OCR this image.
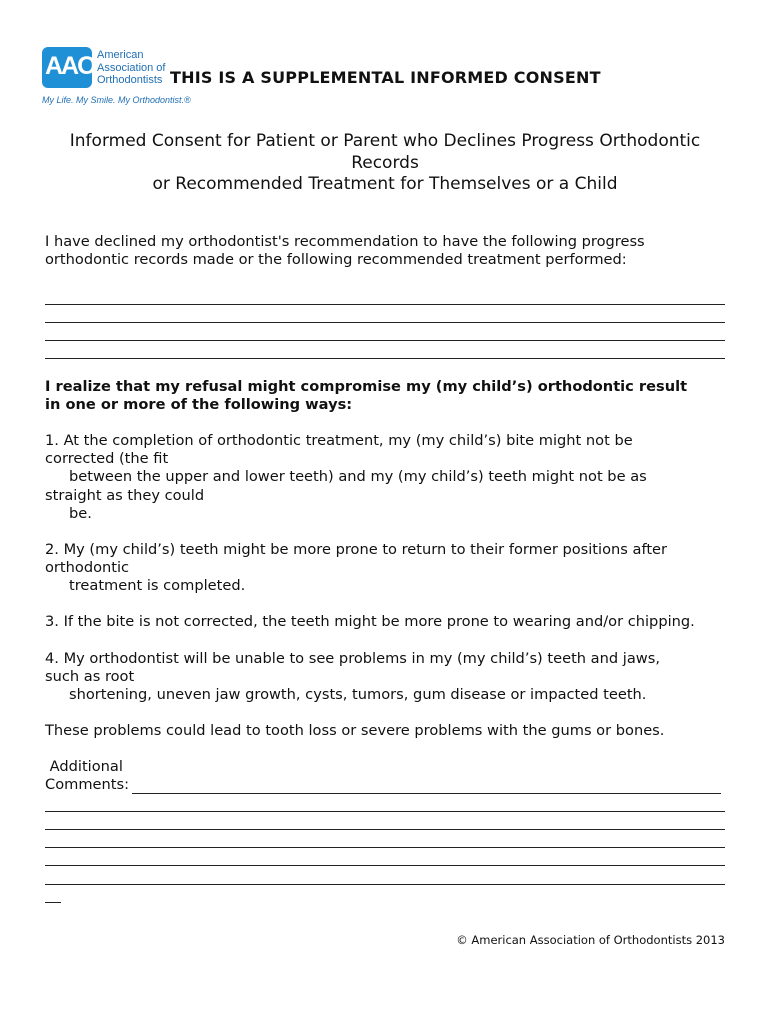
AAO American
Association of
Orthodontists
My Life. My Smile. My Orthodontist.®
THIS IS A SUPPLEMENTAL INFORMED CONSENT
Informed Consent for Patient or Parent who Declines Progress Orthodontic
Records
or Recommended Treatment for Themselves or a Child
I have declined my orthodontist's recommendation to have the following progress
orthodontic records made or the following recommended treatment performed:
I realize that my refusal might compromise my (my child’s) orthodontic result
in one or more of the following ways:
1. At the completion of orthodontic treatment, my (my child’s) bite might not be
corrected (the fit
between the upper and lower teeth) and my (my child’s) teeth might not be as
straight as they could
be.
2. My (my child’s) teeth might be more prone to return to their former positions after
orthodontic
treatment is completed.
3. If the bite is not corrected, the teeth might be more prone to wearing and/or chipping.
4. My orthodontist will be unable to see problems in my (my child’s) teeth and jaws,
such as root
shortening, uneven jaw growth, cysts, tumors, gum disease or impacted teeth.
These problems could lead to tooth loss or severe problems with the gums or bones.
Additional
Comments:
© American Association of Orthodontists 2013
